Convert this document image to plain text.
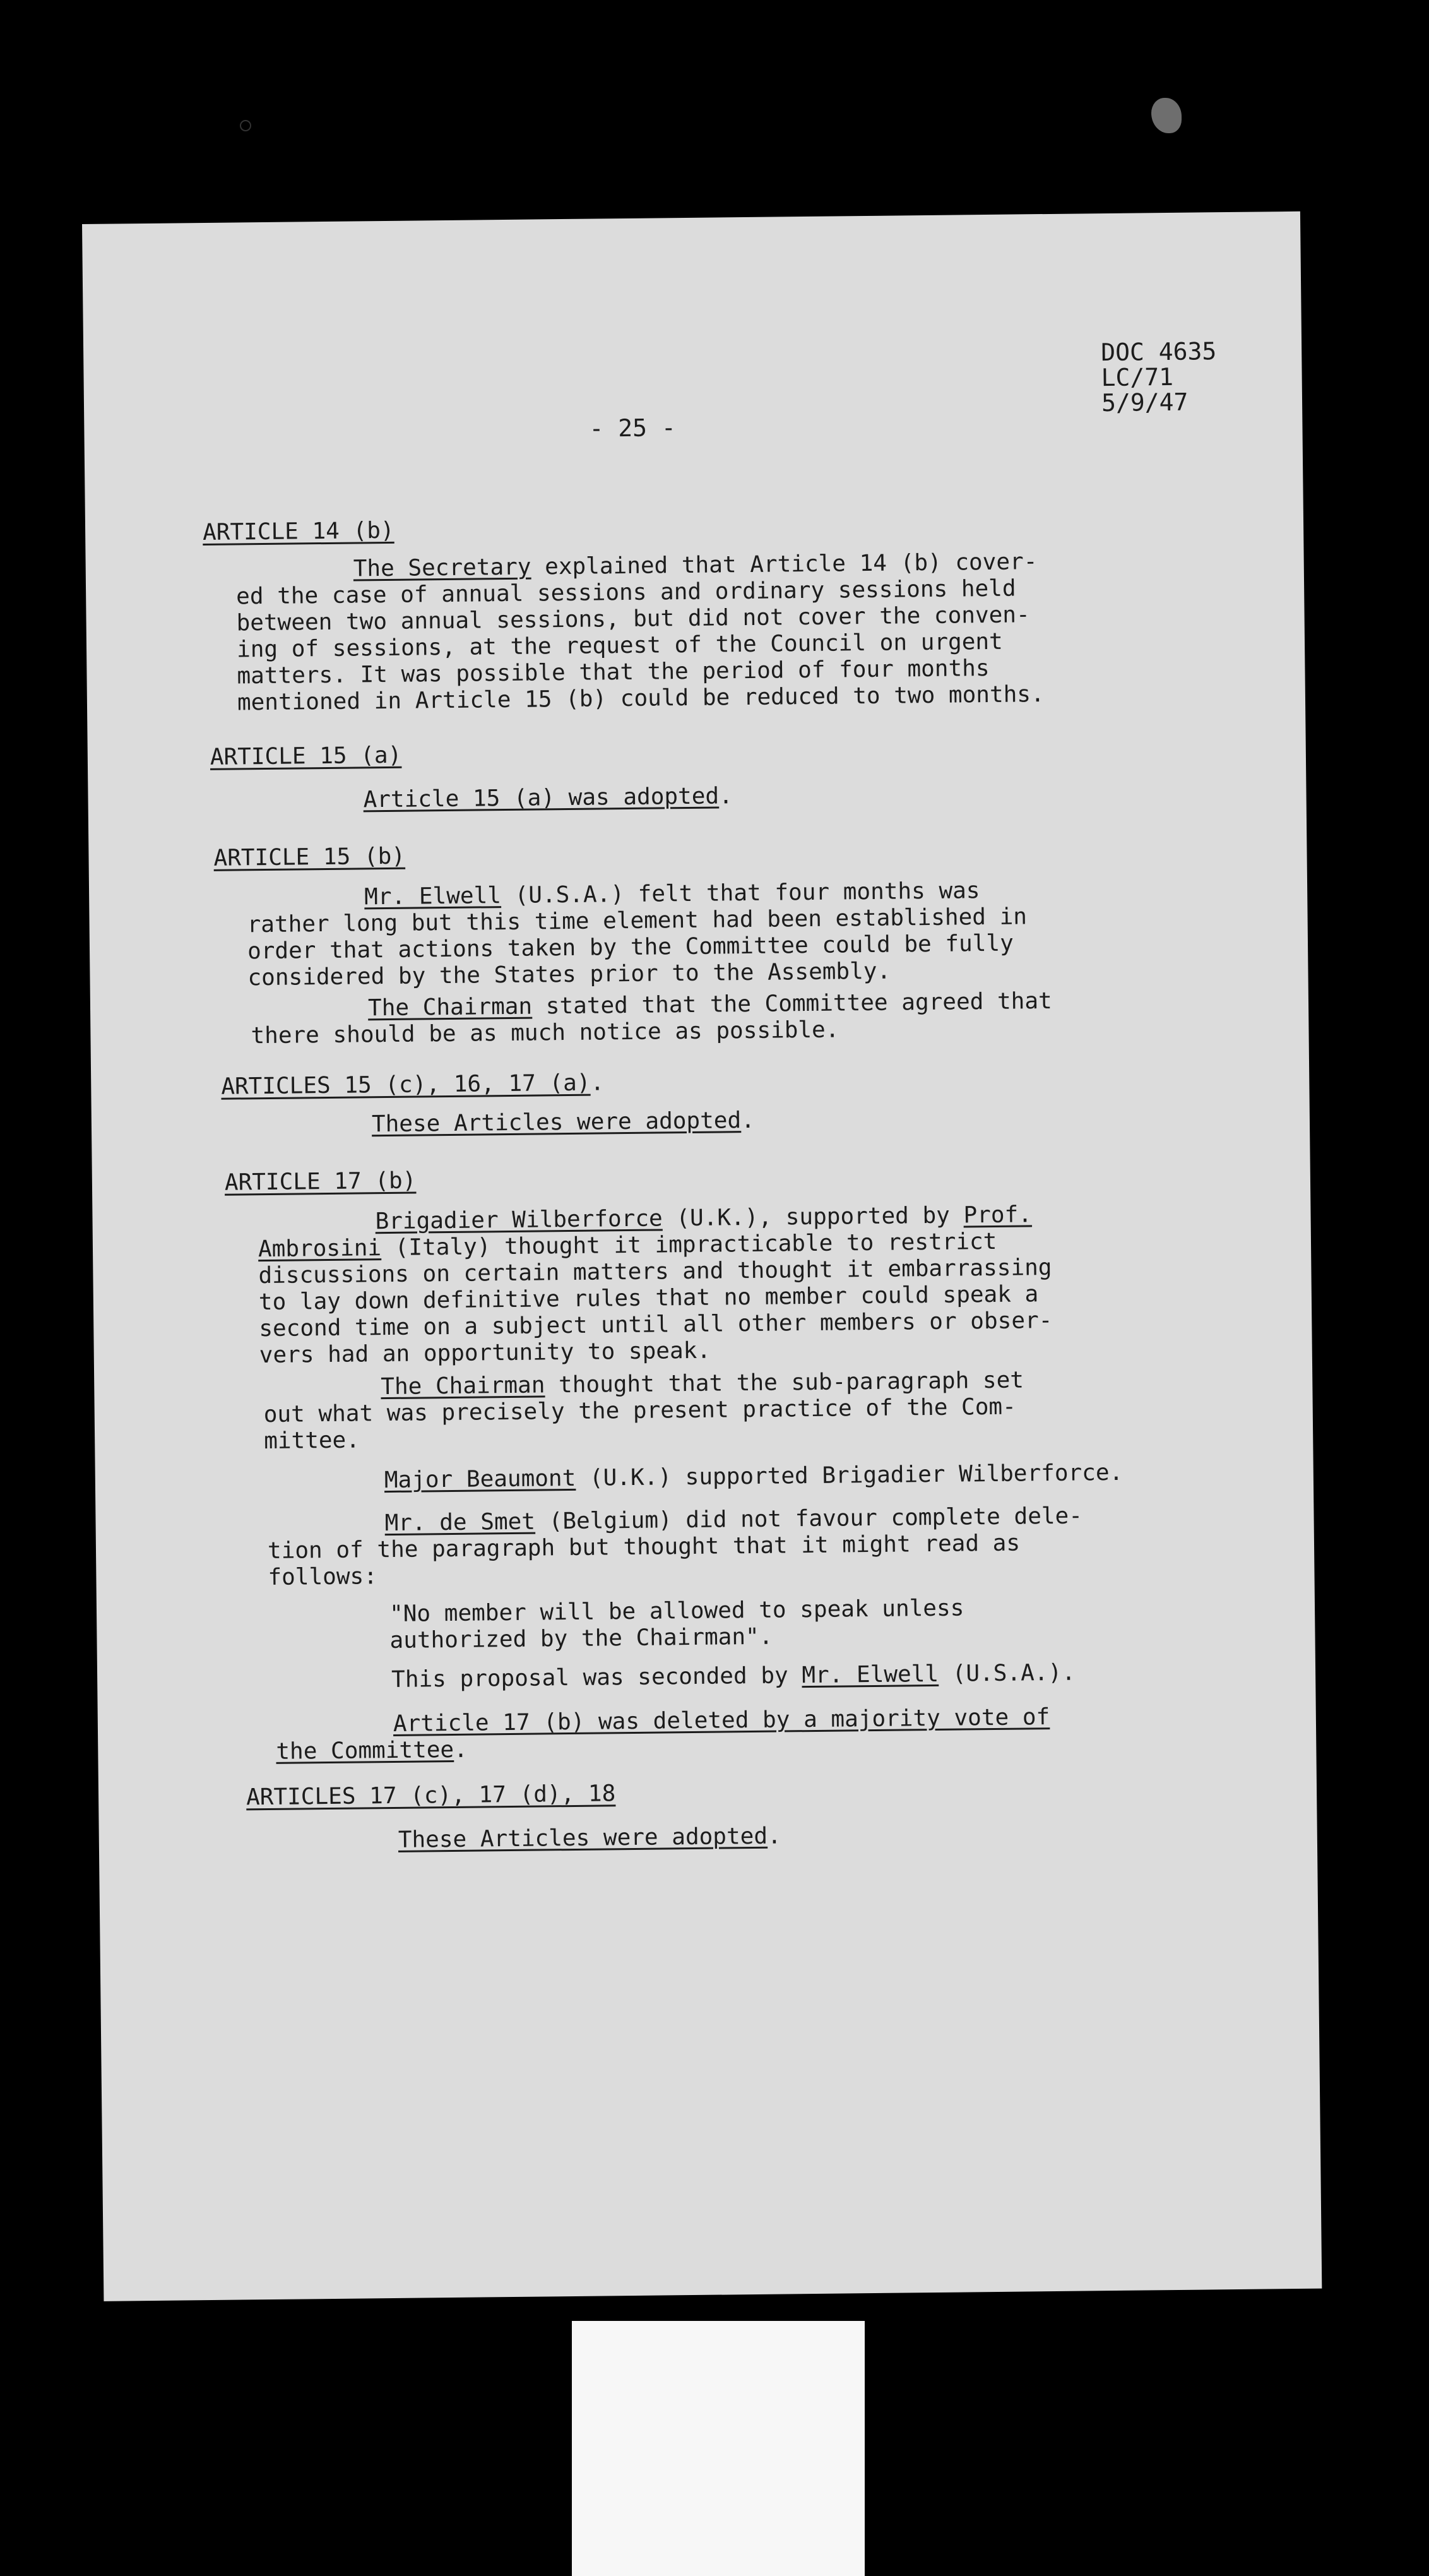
DOC 4635
LC/71
5/9/47
- 25 -
ARTICLE 14 (b)
The Secretary explained that Article 14 (b) cover-
ed the case of annual sessions and ordinary sessions held
between two annual sessions, but did not cover the conven-
ing of sessions, at the request of the Council on urgent
matters. It was possible that the period of four months
mentioned in Article 15 (b) could be reduced to two months.
ARTICLE 15 (a)
Article 15 (a) was adopted.
ARTICLE 15 (b)
Mr. Elwell (U.S.A.) felt that four months was
rather long but this time element had been established in
order that actions taken by the Committee could be fully
considered by the States prior to the Assembly.
The Chairman stated that the Committee agreed that
there should be as much notice as possible.
ARTICLES 15 (c), 16, 17 (a).
These Articles were adopted.
ARTICLE 17 (b)
Brigadier Wilberforce (U.K.), supported by Prof.
Ambrosini (Italy) thought it impracticable to restrict
discussions on certain matters and thought it embarrassing
to lay down definitive rules that no member could speak a
second time on a subject until all other members or obser-
vers had an opportunity to speak.
The Chairman thought that the sub-paragraph set
out what was precisely the present practice of the Com-
mittee.
Major Beaumont (U.K.) supported Brigadier Wilberforce.
Mr. de Smet (Belgium) did not favour complete dele-
tion of the paragraph but thought that it might read as
follows:
"No member will be allowed to speak unless
authorized by the Chairman".
This proposal was seconded by Mr. Elwell (U.S.A.).
Article 17 (b) was deleted by a majority vote of
the Committee.
ARTICLES 17 (c), 17 (d), 18
These Articles were adopted.
